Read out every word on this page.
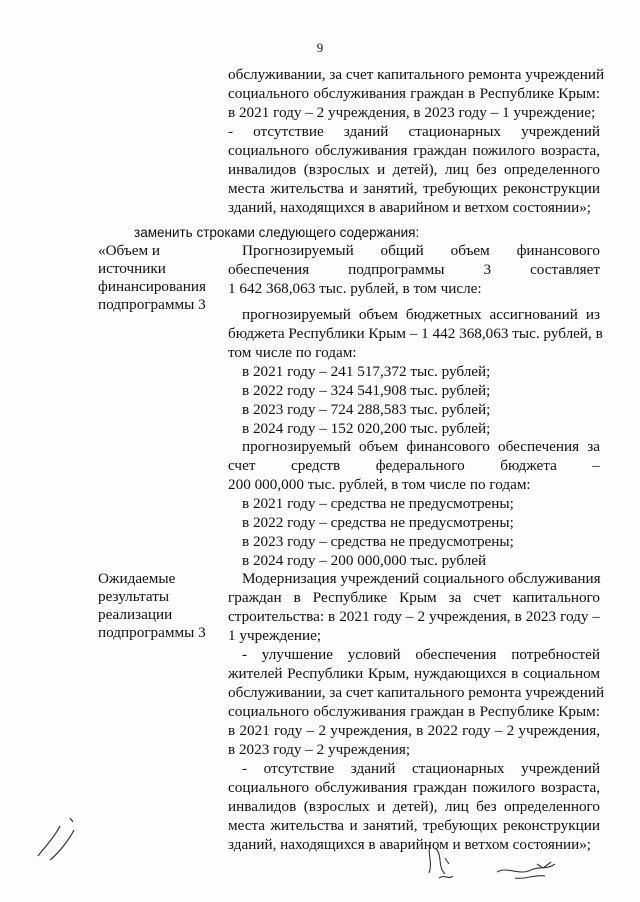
9
обслуживании, за счет капитального ремонта учреждений
социального обслуживания граждан в Республике Крым:
в 2021 году – 2 учреждения, в 2023 году – 1 учреждение;
- отсутствие зданий стационарных учреждений
социального обслуживания граждан пожилого возраста,
инвалидов (взрослых и детей), лиц без определенного
места жительства и занятий, требующих реконструкции
зданий, находящихся в аварийном и ветхом состоянии»;
заменить строками следующего содержания:
«Объем и
источники
финансирования
подпрограммы 3
Прогнозируемый общий объем финансового
обеспечения подпрограммы 3 составляет
1 642 368,063 тыс. рублей, в том числе:
прогнозируемый объем бюджетных ассигнований из
бюджета Республики Крым – 1 442 368,063 тыс. рублей, в
том числе по годам:
в 2021 году – 241 517,372 тыс. рублей;
в 2022 году – 324 541,908 тыс. рублей;
в 2023 году – 724 288,583 тыс. рублей;
в 2024 году – 152 020,200 тыс. рублей;
прогнозируемый объем финансового обеспечения за
счет средств федерального бюджета –
200 000,000 тыс. рублей, в том числе по годам:
в 2021 году – средства не предусмотрены;
в 2022 году – средства не предусмотрены;
в 2023 году – средства не предусмотрены;
в 2024 году – 200 000,000 тыс. рублей
Ожидаемые
результаты
реализации
подпрограммы 3
Модернизация учреждений социального обслуживания
граждан в Республике Крым за счет капитального
строительства: в 2021 году – 2 учреждения, в 2023 году –
1 учреждение;
- улучшение условий обеспечения потребностей
жителей Республики Крым, нуждающихся в социальном
обслуживании, за счет капитального ремонта учреждений
социального обслуживания граждан в Республике Крым:
в 2021 году – 2 учреждения, в 2022 году – 2 учреждения,
в 2023 году – 2 учреждения;
- отсутствие зданий стационарных учреждений
социального обслуживания граждан пожилого возраста,
инвалидов (взрослых и детей), лиц без определенного
места жительства и занятий, требующих реконструкции
зданий, находящихся в аварийном и ветхом состоянии»;
